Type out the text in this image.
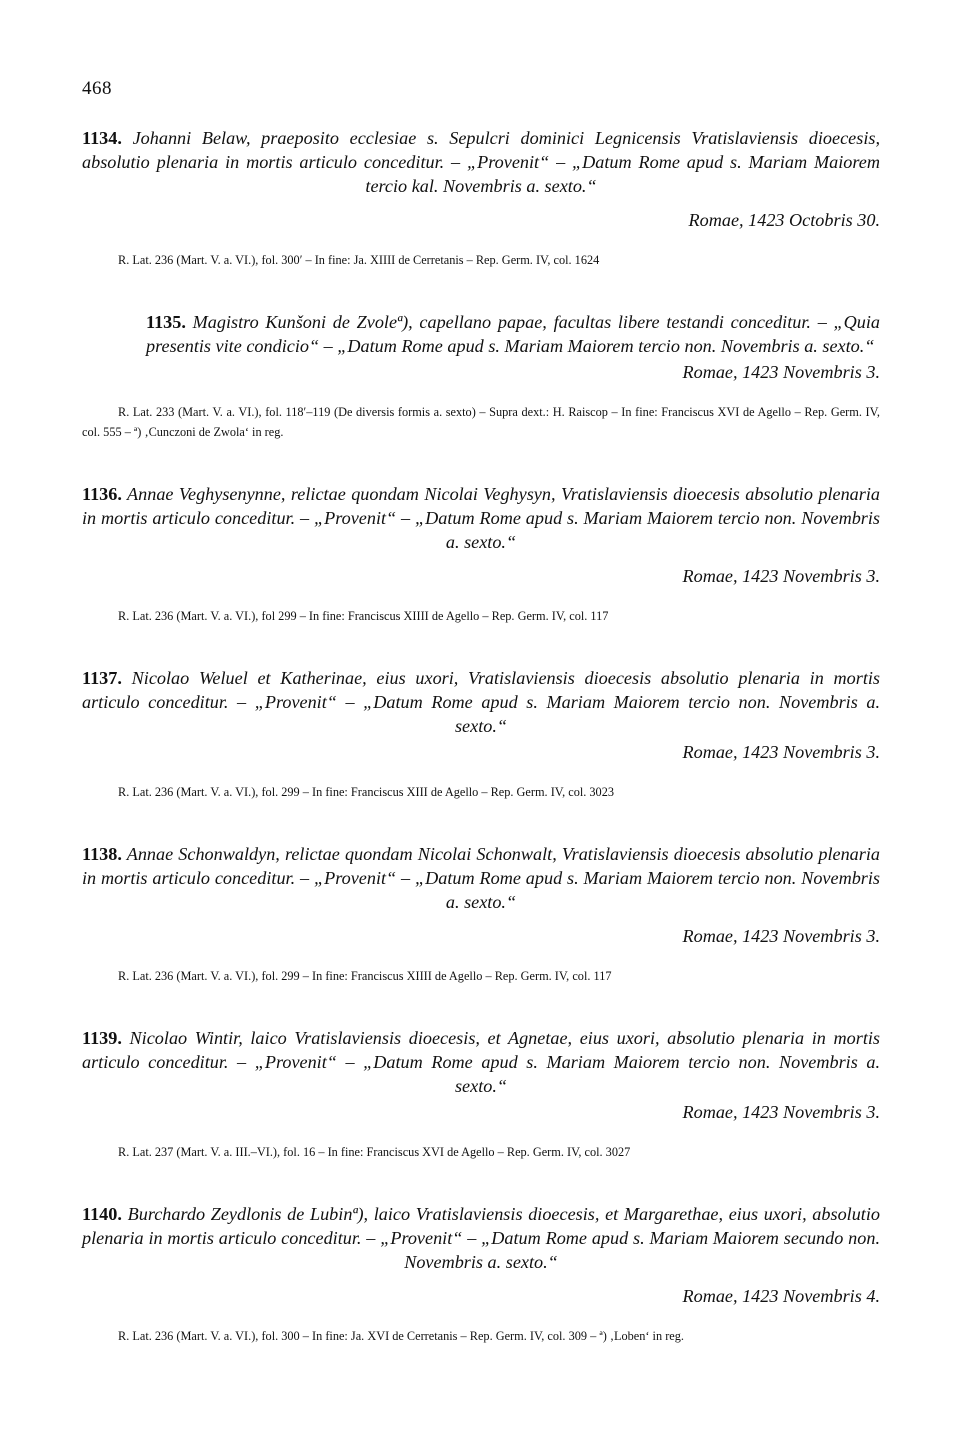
468

1134. Johanni Belaw, praeposito ecclesiae s. Sepulcri dominici Legnicensis Vratislaviensis dioecesis, absolutio plenaria in mortis articulo conceditur. – „Provenit“ – „Datum Rome apud s. Mariam Maiorem tercio kal. Novembris a. sexto.“

Romae, 1423 Octobris 30.

R. Lat. 236 (Mart. V. a. VI.), fol. 300′ – In fine: Ja. XIIII de Cerretanis – Rep. Germ. IV, col. 1624

1135. Magistro Kunšoni de Zvoleª), capellano papae, facultas libere testandi conceditur. – „Quia presentis vite condicio“ – „Datum Rome apud s. Mariam Maiorem tercio non. Novembris a. sexto.“

Romae, 1423 Novembris 3.

R. Lat. 233 (Mart. V. a. VI.), fol. 118′–119 (De diversis formis a. sexto) – Supra dext.: H. Raiscop – In fine: Franciscus XVI de Agello – Rep. Germ. IV, col. 555 – ª) ‚Cunczoni de Zwola‘ in reg.

1136. Annae Veghysenynne, relictae quondam Nicolai Veghysyn, Vratislaviensis dioecesis absolutio plenaria in mortis articulo conceditur. – „Provenit“ – „Datum Rome apud s. Mariam Maiorem tercio non. Novembris a. sexto.“

Romae, 1423 Novembris 3.

R. Lat. 236 (Mart. V. a. VI.), fol 299 – In fine: Franciscus XIIII de Agello – Rep. Germ. IV, col. 117

1137. Nicolao Weluel et Katherinae, eius uxori, Vratislaviensis dioecesis absolutio plenaria in mortis articulo conceditur. – „Provenit“ – „Datum Rome apud s. Mariam Maiorem tercio non. Novembris a. sexto.“

Romae, 1423 Novembris 3.

R. Lat. 236 (Mart. V. a. VI.), fol. 299 – In fine: Franciscus XIII de Agello – Rep. Germ. IV, col. 3023

1138. Annae Schonwaldyn, relictae quondam Nicolai Schonwalt, Vratislaviensis dioecesis absolutio plenaria in mortis articulo conceditur. – „Provenit“ – „Datum Rome apud s. Mariam Maiorem tercio non. Novembris a. sexto.“

Romae, 1423 Novembris 3.

R. Lat. 236 (Mart. V. a. VI.), fol. 299 – In fine: Franciscus XIIII de Agello – Rep. Germ. IV, col. 117

1139. Nicolao Wintir, laico Vratislaviensis dioecesis, et Agnetae, eius uxori, absolutio plenaria in mortis articulo conceditur. – „Provenit“ – „Datum Rome apud s. Mariam Maiorem tercio non. Novembris a. sexto.“

Romae, 1423 Novembris 3.

R. Lat. 237 (Mart. V. a. III.–VI.), fol. 16 – In fine: Franciscus XVI de Agello – Rep. Germ. IV, col. 3027

1140. Burchardo Zeydlonis de Lubinª), laico Vratislaviensis dioecesis, et Margarethae, eius uxori, absolutio plenaria in mortis articulo conceditur. – „Provenit“ – „Datum Rome apud s. Mariam Maiorem secundo non. Novembris a. sexto.“

Romae, 1423 Novembris 4.

R. Lat. 236 (Mart. V. a. VI.), fol. 300 – In fine: Ja. XVI de Cerretanis – Rep. Germ. IV, col. 309 – ª) ‚Loben‘ in reg.
